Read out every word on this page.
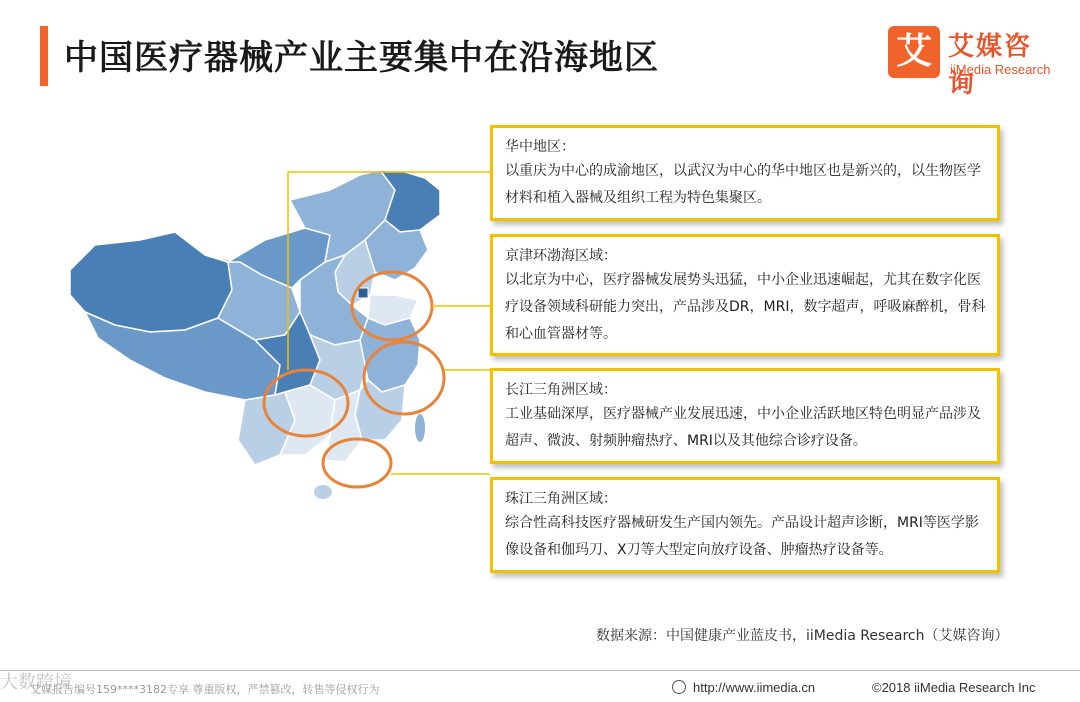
中国医疗器械产业主要集中在沿海地区	艾 艾媒咨询
iiMedia Research
华中地区：
以重庆为中心的成渝地区，以武汉为中心的华中地区也是新兴的，以生物医学材料和植入器械及组织工程为特色集聚区。
京津环渤海区域：
以北京为中心，医疗器械发展势头迅猛，中小企业迅速崛起，尤其在数字化医疗设备领域科研能力突出，产品涉及DR，MRI，数字超声，呼吸麻醉机，骨科和心血管器材等。
长江三角洲区域：
工业基础深厚，医疗器械产业发展迅速，中小企业活跃地区特色明显产品涉及超声、微波、射频肿瘤热疗、MRI以及其他综合诊疗设备。
珠江三角洲区域：
综合性高科技医疗器械研发生产国内领先。产品设计超声诊断，MRI等医学影像设备和伽玛刀、X刀等大型定向放疗设备、肿瘤热疗设备等。
数据来源：中国健康产业蓝皮书，iiMedia Research（艾媒咨询）
大数跨境
艾媒报告编号159****3182专享 尊重版权，严禁篡改，转售等侵权行为	http://www.iimedia.cn	©2018 iiMedia Research Inc
